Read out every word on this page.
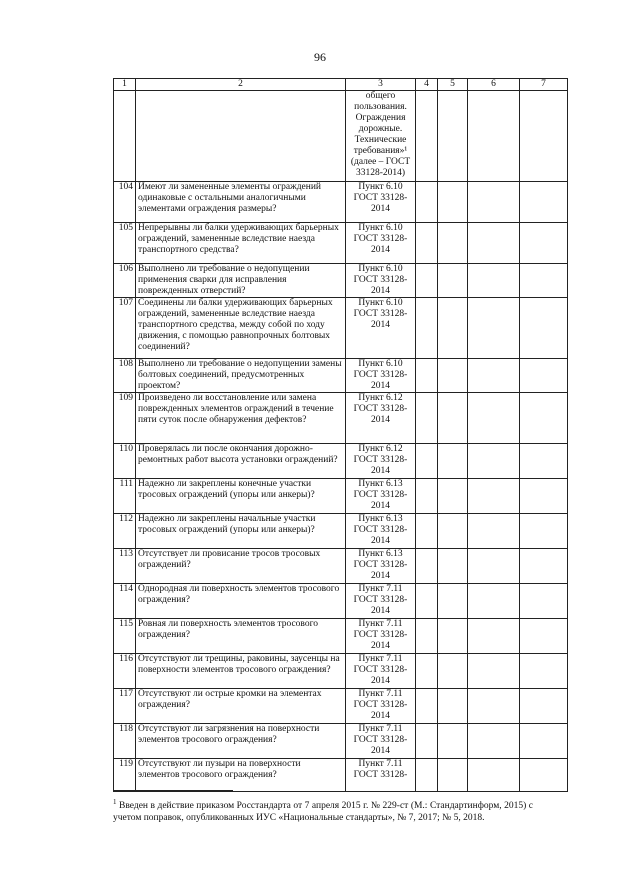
96
1	2	3	4	5	6	7
		общего пользования. Ограждения дорожные. Технические требования»¹ (далее – ГОСТ 33128-2014)				
104	Имеют ли замененные элементы ограждений одинаковые с остальными аналогичными элементами ограждения размеры?	Пункт 6.10 ГОСТ 33128-2014				
105	Непрерывны ли балки удерживающих барьерных ограждений, замененные вследствие наезда транспортного средства?	Пункт 6.10 ГОСТ 33128-2014				
106	Выполнено ли требование о недопущении применения сварки для исправления поврежденных отверстий?	Пункт 6.10 ГОСТ 33128-2014				
107	Соединены ли балки удерживающих барьерных ограждений, замененные вследствие наезда транспортного средства, между собой по ходу движения, с помощью равнопрочных болтовых соединений?	Пункт 6.10 ГОСТ 33128-2014				
108	Выполнено ли требование о недопущении замены болтовых соединений, предусмотренных проектом?	Пункт 6.10 ГОСТ 33128-2014				
109	Произведено ли восстановление или замена поврежденных элементов ограждений в течение пяти суток после обнаружения дефектов?	Пункт 6.12 ГОСТ 33128-2014				
110	Проверялась ли после окончания дорожно-ремонтных работ высота установки ограждений?	Пункт 6.12 ГОСТ 33128-2014				
111	Надежно ли закреплены конечные участки тросовых ограждений (упоры или анкеры)?	Пункт 6.13 ГОСТ 33128-2014				
112	Надежно ли закреплены начальные участки тросовых ограждений (упоры или анкеры)?	Пункт 6.13 ГОСТ 33128-2014				
113	Отсутствует ли провисание тросов тросовых ограждений?	Пункт 6.13 ГОСТ 33128-2014				
114	Однородная ли поверхность элементов тросового ограждения?	Пункт 7.11 ГОСТ 33128-2014				
115	Ровная ли поверхность элементов тросового ограждения?	Пункт 7.11 ГОСТ 33128-2014				
116	Отсутствуют ли трещины, раковины, заусенцы на поверхности элементов тросового ограждения?	Пункт 7.11 ГОСТ 33128-2014				
117	Отсутствуют ли острые кромки на элементах ограждения?	Пункт 7.11 ГОСТ 33128-2014				
118	Отсутствуют ли загрязнения на поверхности элементов тросового ограждения?	Пункт 7.11 ГОСТ 33128-2014				
119	Отсутствуют ли пузыри на поверхности элементов тросового ограждения?	Пункт 7.11 ГОСТ 33128-				
$^1$ Введен в действие приказом Росстандарта от 7 апреля 2015 г. № 229-ст (М.: Стандартинформ, 2015) с учетом поправок, опубликованных ИУС «Национальные стандарты», № 7, 2017; № 5, 2018.
